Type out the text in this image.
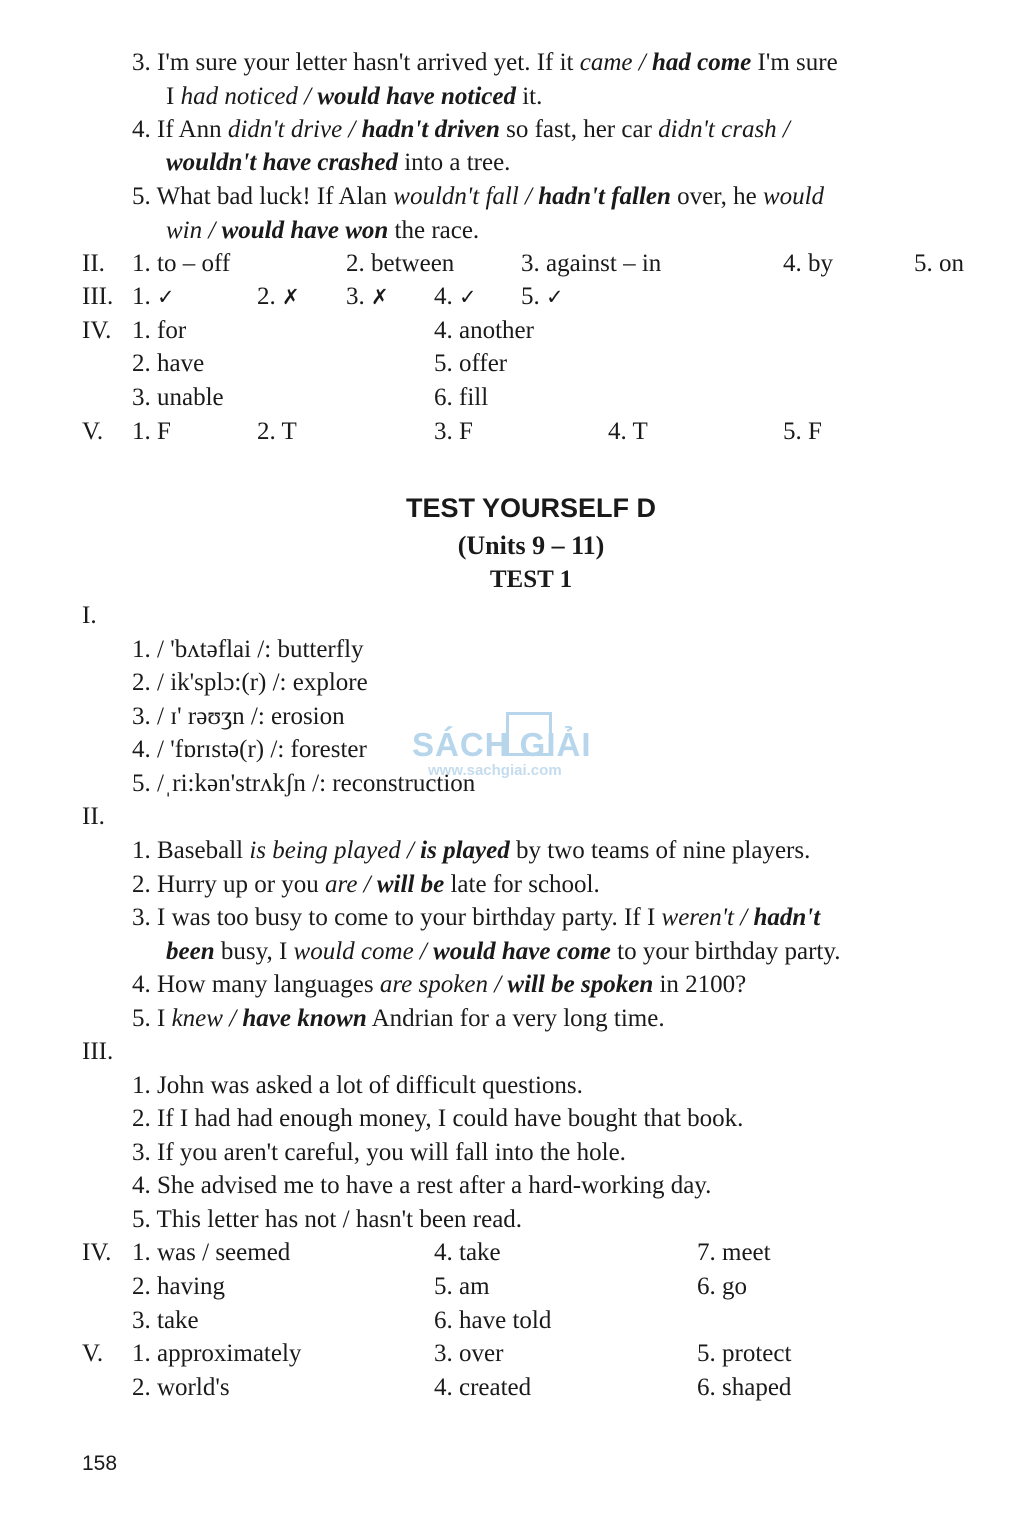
3. I'm sure your letter hasn't arrived yet. If it came / had come I'm sure
I had noticed / would have noticed it.
4. If Ann didn't drive / hadn't driven so fast, her car didn't crash /
wouldn't have crashed into a tree.
5. What bad luck! If Alan wouldn't fall / hadn't fallen over, he would
win / would have won the race.
II. 1. to – off	2. between	3. against – in	4. by	5. on
III. 1. ✓	2. ✗ 3. ✗ 4. ✓ 5. ✓
IV. 1. for	4. another
2. have	5. offer
3. unable	6. fill
V. 1. F	2. T	3. F	4. T	5. F
TEST YOURSELF D
(Units 9 – 11)
TEST 1
I.
1. / 'bʌtəflai /: butterfly
2. / ik'splɔ:(r) /: explore
3. / ɪ' rəʊʒn /: erosion
4. / 'fɒrɪstə(r) /: forester
5. /ˌri:kən'strʌkʃn /: reconstruction
II.
1. Baseball is being played / is played by two teams of nine players.
2. Hurry up or you are / will be late for school.
3. I was too busy to come to your birthday party. If I weren't / hadn't
been busy, I would come / would have come to your birthday party.
4. How many languages are spoken / will be spoken in 2100?
5. I knew / have known Andrian for a very long time.
III.
1. John was asked a lot of difficult questions.
2. If I had had enough money, I could have bought that book.
3. If you aren't careful, you will fall into the hole.
4. She advised me to have a rest after a hard-working day.
5. This letter has not / hasn't been read.
IV. 1. was / seemed	4. take	7. meet
2. having	5. am	6. go
3. take	6. have told
V. 1. approximately	3. over	5. protect
2. world's	4. created	6. shaped
SÁCH GIẢI
www.sachgiai.com
158
